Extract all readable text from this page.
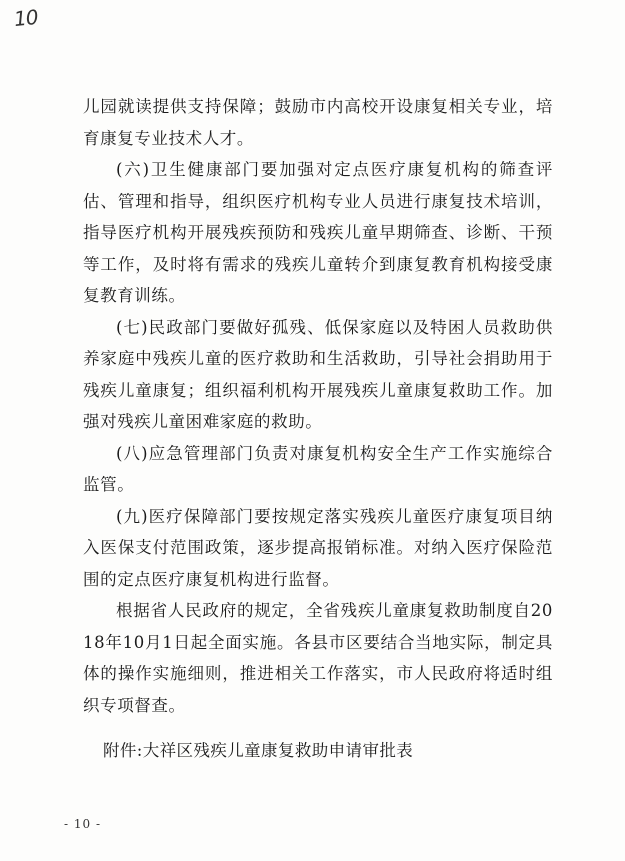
10

儿园就读提供支持保障；鼓励市内高校开设康复相关专业，培育康复专业技术人才。

(六)卫生健康部门要加强对定点医疗康复机构的筛查评估、管理和指导，组织医疗机构专业人员进行康复技术培训，指导医疗机构开展残疾预防和残疾儿童早期筛查、诊断、干预等工作，及时将有需求的残疾儿童转介到康复教育机构接受康复教育训练。

(七)民政部门要做好孤残、低保家庭以及特困人员救助供养家庭中残疾儿童的医疗救助和生活救助，引导社会捐助用于残疾儿童康复；组织福利机构开展残疾儿童康复救助工作。加强对残疾儿童困难家庭的救助。

(八)应急管理部门负责对康复机构安全生产工作实施综合监管。

(九)医疗保障部门要按规定落实残疾儿童医疗康复项目纳入医保支付范围政策，逐步提高报销标准。对纳入医疗保险范围的定点医疗康复机构进行监督。

根据省人民政府的规定，全省残疾儿童康复救助制度自2018年10月1日起全面实施。各县市区要结合当地实际，制定具体的操作实施细则，推进相关工作落实，市人民政府将适时组织专项督查。

附件:大祥区残疾儿童康复救助申请审批表
- 10 -
